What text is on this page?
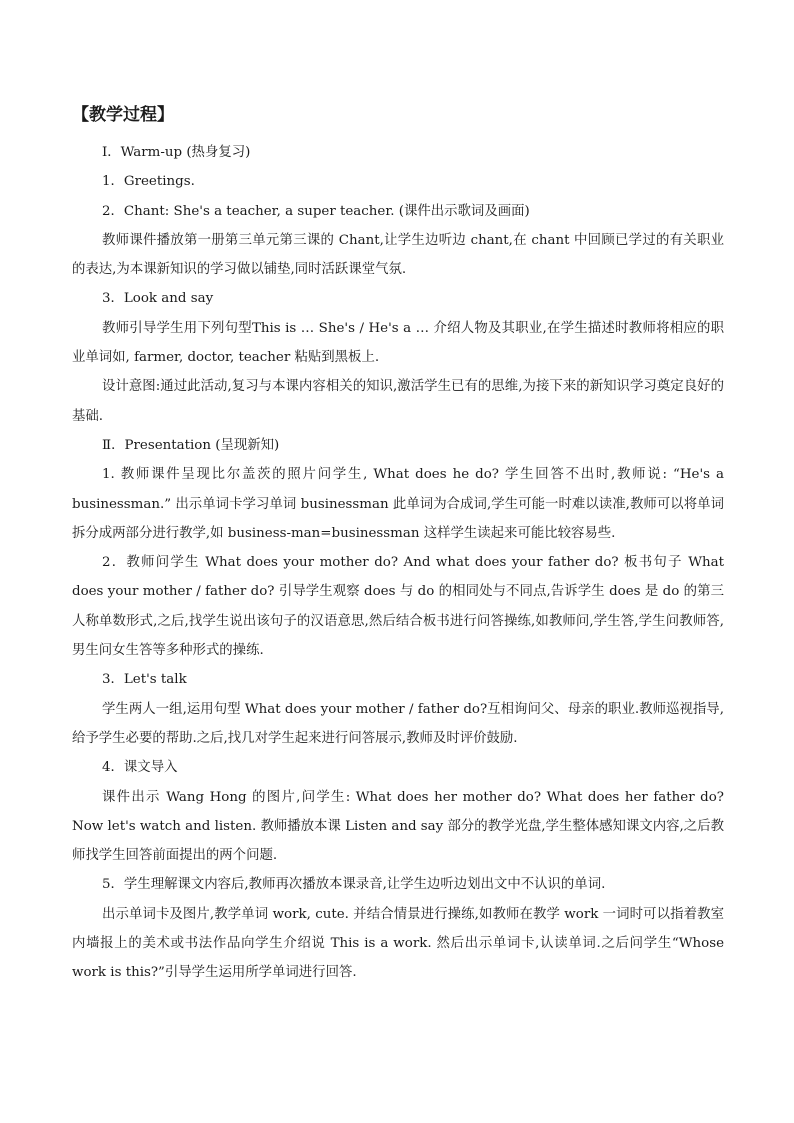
【教学过程】

Ⅰ．Warm-up (热身复习)

1．Greetings.

2．Chant: She's a teacher, a super teacher. (课件出示歌词及画面)

教师课件播放第一册第三单元第三课的 Chant,让学生边听边 chant,在 chant 中回顾已学过的有关职业的表达,为本课新知识的学习做以铺垫,同时活跃课堂气氛.

3．Look and say

教师引导学生用下列句型This is … She's / He's a … 介绍人物及其职业,在学生描述时教师将相应的职业单词如, farmer, doctor, teacher 粘贴到黑板上.

设计意图:通过此活动,复习与本课内容相关的知识,激活学生已有的思维,为接下来的新知识学习奠定良好的基础.

Ⅱ．Presentation (呈现新知)

1. 教师课件呈现比尔盖茨的照片问学生, What does he do? 学生回答不出时,教师说: “He's a businessman.” 出示单词卡学习单词 businessman 此单词为合成词,学生可能一时难以读准,教师可以将单词拆分成两部分进行教学,如 business-man=businessman 这样学生读起来可能比较容易些.

2．教师问学生 What does your mother do? And what does your father do? 板书句子 What does your mother / father do? 引导学生观察 does 与 do 的相同处与不同点,告诉学生 does 是 do 的第三人称单数形式,之后,找学生说出该句子的汉语意思,然后结合板书进行问答操练,如教师问,学生答,学生问教师答,男生问女生答等多种形式的操练.

3．Let's talk

学生两人一组,运用句型 What does your mother / father do?互相询问父、母亲的职业.教师巡视指导,给予学生必要的帮助.之后,找几对学生起来进行问答展示,教师及时评价鼓励.

4．课文导入

课件出示 Wang Hong 的图片,问学生: What does her mother do? What does her father do? Now let's watch and listen. 教师播放本课 Listen and say 部分的教学光盘,学生整体感知课文内容,之后教师找学生回答前面提出的两个问题.

5．学生理解课文内容后,教师再次播放本课录音,让学生边听边划出文中不认识的单词.

出示单词卡及图片,教学单词 work, cute. 并结合情景进行操练,如教师在教学 work 一词时可以指着教室内墙报上的美术或书法作品向学生介绍说 This is a work. 然后出示单词卡,认读单词.之后问学生“Whose work is this?”引导学生运用所学单词进行回答.
